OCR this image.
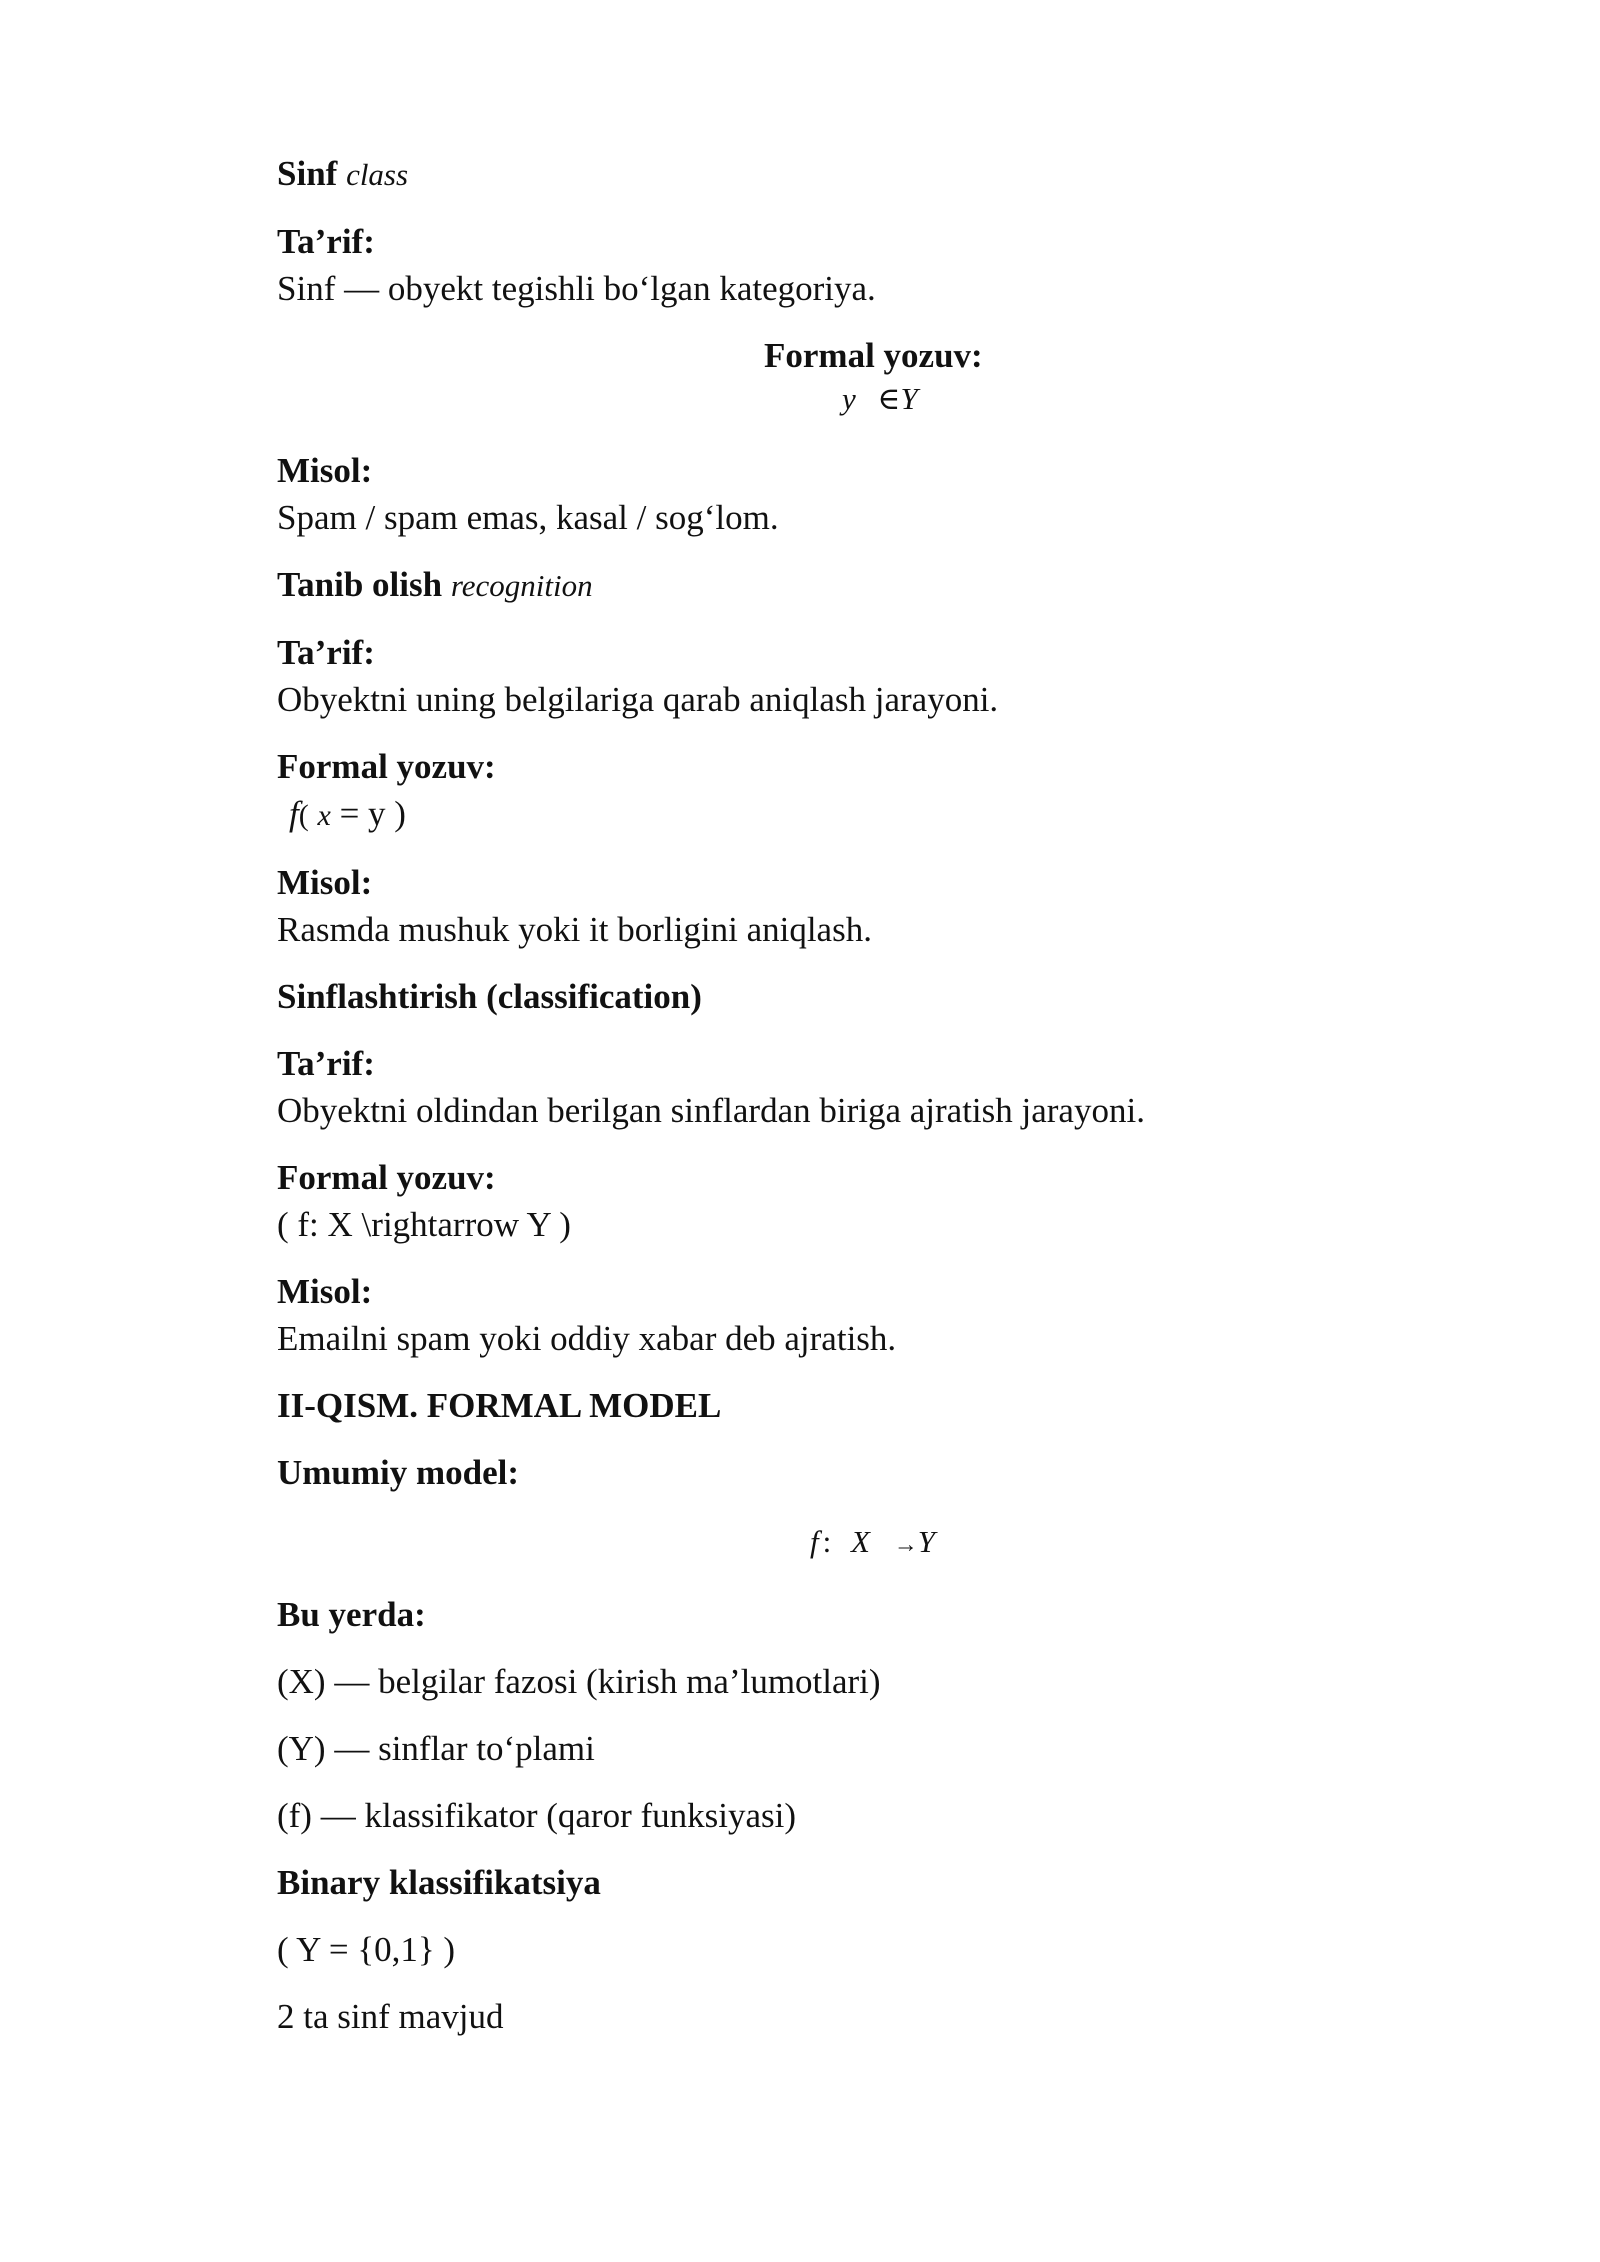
Sinf class

Ta’rif:

Sinf — obyekt tegishli bo‘lgan kategoriya.

Formal yozuv:

y ∈Y

Misol:

Spam / spam emas, kasal / sog‘lom.

Tanib olish recognition

Ta’rif:

Obyektni uning belgilariga qarab aniqlash jarayoni.

Formal yozuv:

f( x = y )

Misol:

Rasmda mushuk yoki it borligini aniqlash.

Sinflashtirish (classification)

Ta’rif:

Obyektni oldindan berilgan sinflardan biriga ajratish jarayoni.

Formal yozuv:

( f: X \rightarrow Y )

Misol:

Emailni spam yoki oddiy xabar deb ajratish.

II-QISM. FORMAL MODEL

Umumiy model:

f : X →Y

Bu yerda:

(X) — belgilar fazosi (kirish ma’lumotlari)

(Y) — sinflar to‘plami

(f) — klassifikator (qaror funksiyasi)

Binary klassifikatsiya

( Y = {0,1} )

2 ta sinf mavjud
